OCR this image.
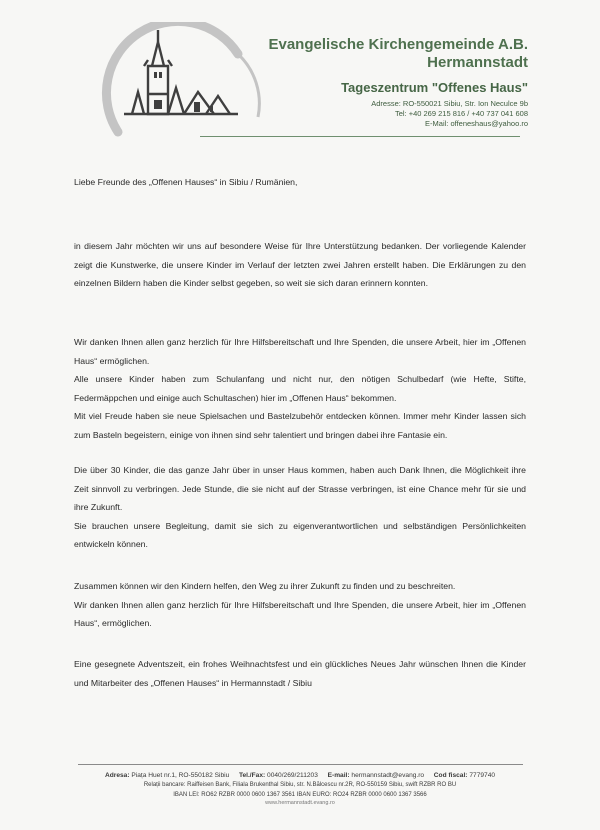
Evangelische Kirchengemeinde A.B.
Hermannstadt
Tageszentrum "Offenes Haus"
Adresse: RO-550021 Sibiu, Str. Ion Neculce 9b
Tel: +40 269 215 816 / +40 737 041 608
E-Mail: offeneshaus@yahoo.ro

Liebe Freunde des „Offenen Hauses“ in Sibiu / Rumänien,

in diesem Jahr möchten wir uns auf besondere Weise für Ihre Unterstützung bedanken. Der vorliegende Kalender zeigt die Kunstwerke, die unsere Kinder im Verlauf der letzten zwei Jahren erstellt haben. Die Erklärungen zu den einzelnen Bildern haben die Kinder selbst gegeben, so weit sie sich daran erinnern konnten.

Wir danken Ihnen allen ganz herzlich für Ihre Hilfsbereitschaft und Ihre Spenden, die unsere Arbeit, hier im „Offenen Haus“ ermöglichen.

Alle unsere Kinder haben zum Schulanfang und nicht nur, den nötigen Schulbedarf (wie Hefte, Stifte, Federmäppchen und einige auch Schultaschen) hier im „Offenen Haus“ bekommen.

Mit viel Freude haben sie neue Spielsachen und Bastelzubehör entdecken können. Immer mehr Kinder lassen sich zum Basteln begeistern, einige von ihnen sind sehr talentiert und bringen dabei ihre Fantasie ein.

Die über 30 Kinder, die das ganze Jahr über in unser Haus kommen, haben auch Dank Ihnen, die Möglichkeit ihre Zeit sinnvoll zu verbringen. Jede Stunde, die sie nicht auf der Strasse verbringen, ist eine Chance mehr für sie und ihre Zukunft.

Sie brauchen unsere Begleitung, damit sie sich zu eigenverantwortlichen und selbständigen Persönlichkeiten entwickeln können.

Zusammen können wir den Kindern helfen, den Weg zu ihrer Zukunft zu finden und zu beschreiten.

Wir danken Ihnen allen ganz herzlich für Ihre Hilfsbereitschaft und Ihre Spenden, die unsere Arbeit, hier im „Offenen Haus“, ermöglichen.

Eine gesegnete Adventszeit, ein frohes Weihnachtsfest und ein glückliches Neues Jahr wünschen Ihnen die Kinder und Mitarbeiter des „Offenen Hauses“ in Hermannstadt / Sibiu

Adresa: Piața Huet nr.1, RO-550182 Sibiu Tel./Fax: 0040/269/211203 E-mail: hermannstadt@evang.ro Cod fiscal: 7779740
Relații bancare: Raiffeisen Bank, Filiala Brukenthal Sibiu, str. N.Bălcescu nr.2R, RO-550159 Sibiu, swift RZBR RO BU
IBAN LEI: RO62 RZBR 0000 0600 1367 3561 IBAN EURO: RO24 RZBR 0000 0600 1367 3566
www.hermannstadt.evang.ro
